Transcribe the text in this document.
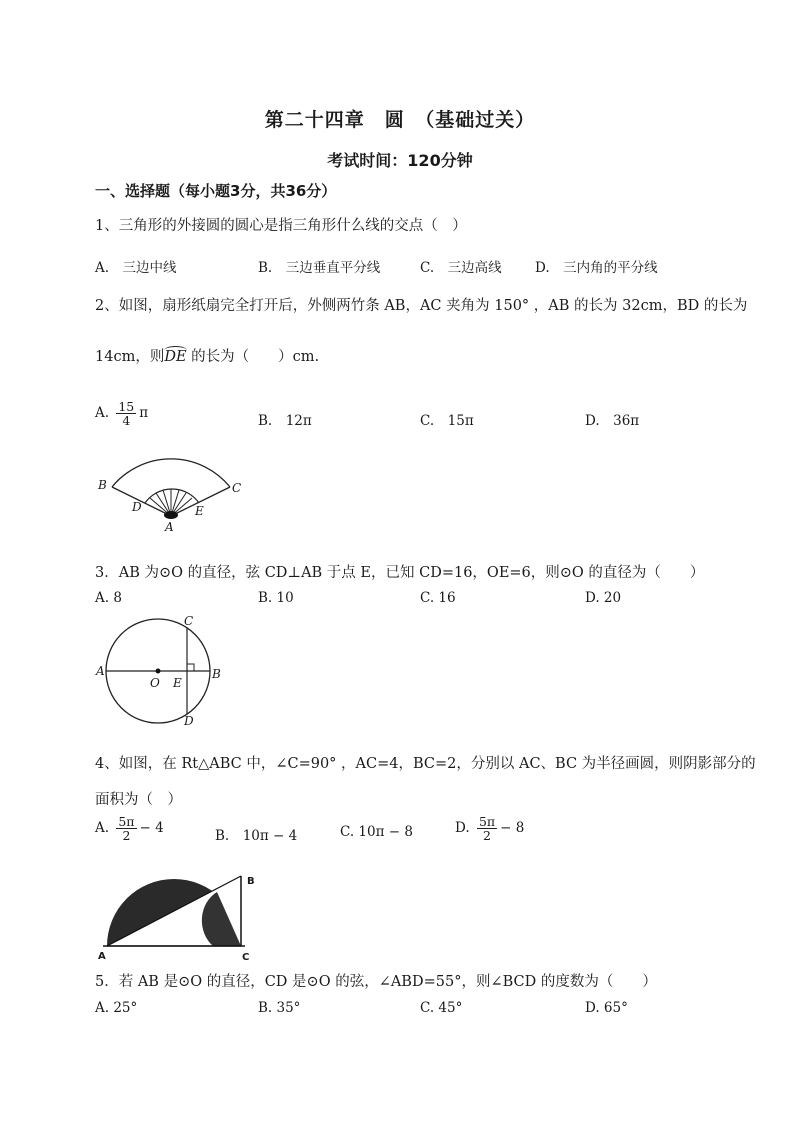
第二十四章　圆　（基础过关）
考试时间：120分钟
一、选择题（每小题3分，共36分）
1、三角形的外接圆的圆心是指三角形什么线的交点（　）
A.　三边中线	B.　三边垂直平分线	C.　三边高线 D.　三内角的平分线
2、如图，扇形纸扇完全打开后，外侧两竹条 AB，AC 夹角为 150° ，AB 的长为 32cm，BD 的长为
14cm，则DE 的长为（　　）cm.
A. $\frac{15}{4}$ π	B.　12π	C.　15π	D.　36π
B	C
D	E
A
3．AB 为⊙O 的直径，弦 CD⊥AB 于点 E，已知 CD=16，OE=6，则⊙O 的直径为（　　）
A. 8	B. 10	C. 16	D. 20
A	B
C
D
O E
4、如图，在 Rt△ABC 中，∠C=90° ，AC=4，BC=2，分别以 AC、BC 为半径画圆，则阴影部分的
面积为（　）
A. $\frac{5\pi}{2} - 4$	B.　10π − 4	C. 10π − 8	D. $\frac{5\pi}{2} - 8$
A	C
B
5．若 AB 是⊙O 的直径，CD 是⊙O 的弦，∠ABD=55°，则∠BCD 的度数为（　　）
A. 25°	B. 35°	C. 45°	D. 65°
